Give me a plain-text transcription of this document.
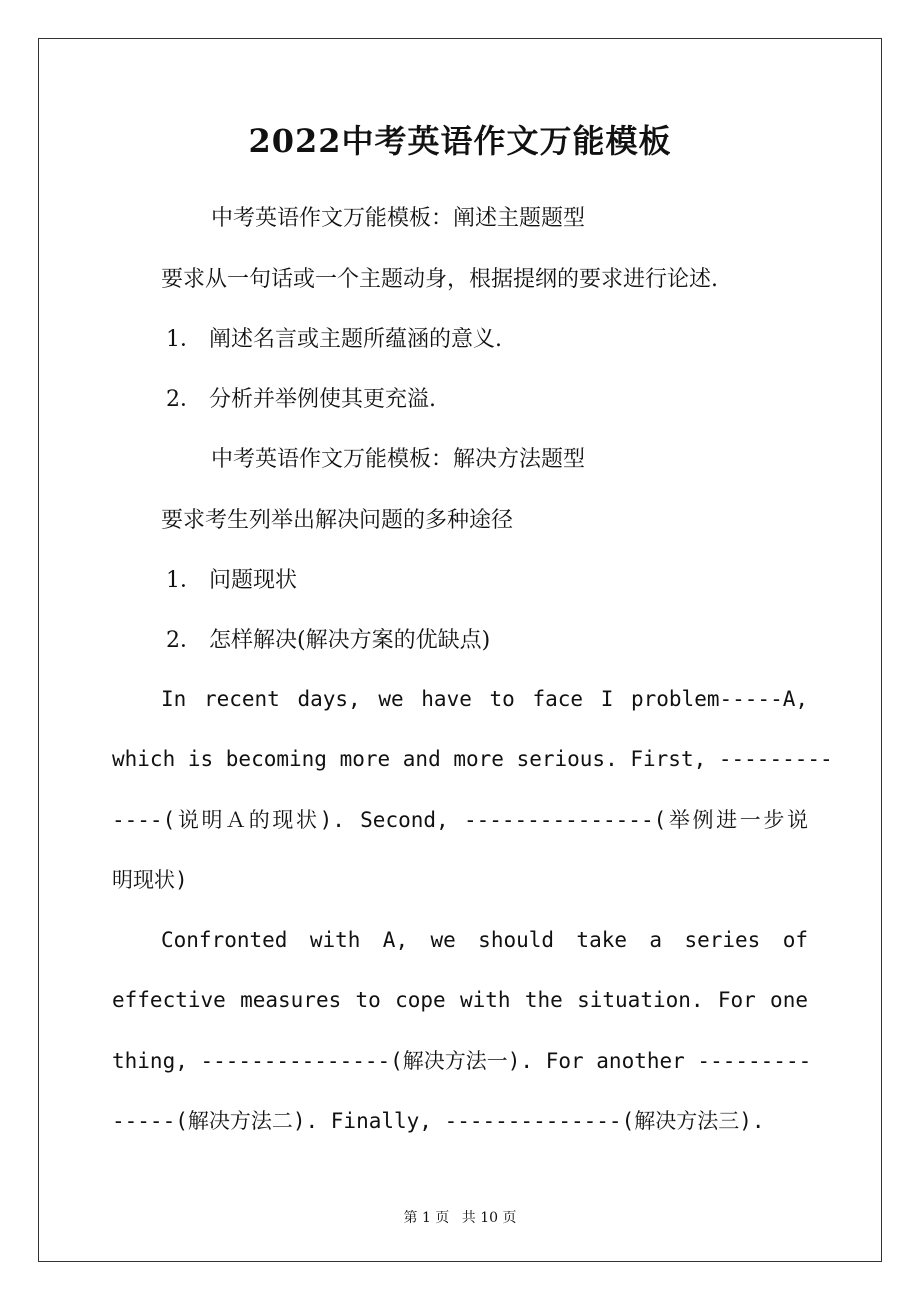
2022中考英语作文万能模板
中考英语作文万能模板：阐述主题题型
要求从一句话或一个主题动身，根据提纲的要求进行论述.
1． 阐述名言或主题所蕴涵的意义.
2． 分析并举例使其更充溢.
中考英语作文万能模板：解决方法题型
要求考生列举出解决问题的多种途径
1． 问题现状
2． 怎样解决(解决方案的优缺点)
In recent days, we have to face I problem-----A,
which is becoming more and more serious. First, ---------
----(说明Ａ的现状). Second, ---------------(举例进一步说
明现状)
Confronted with A, we should take a series of
effective measures to cope with the situation. For one
thing, ---------------(解决方法一). For another ---------
-----(解决方法二). Finally, --------------(解决方法三).
第 1 页 共 10 页
